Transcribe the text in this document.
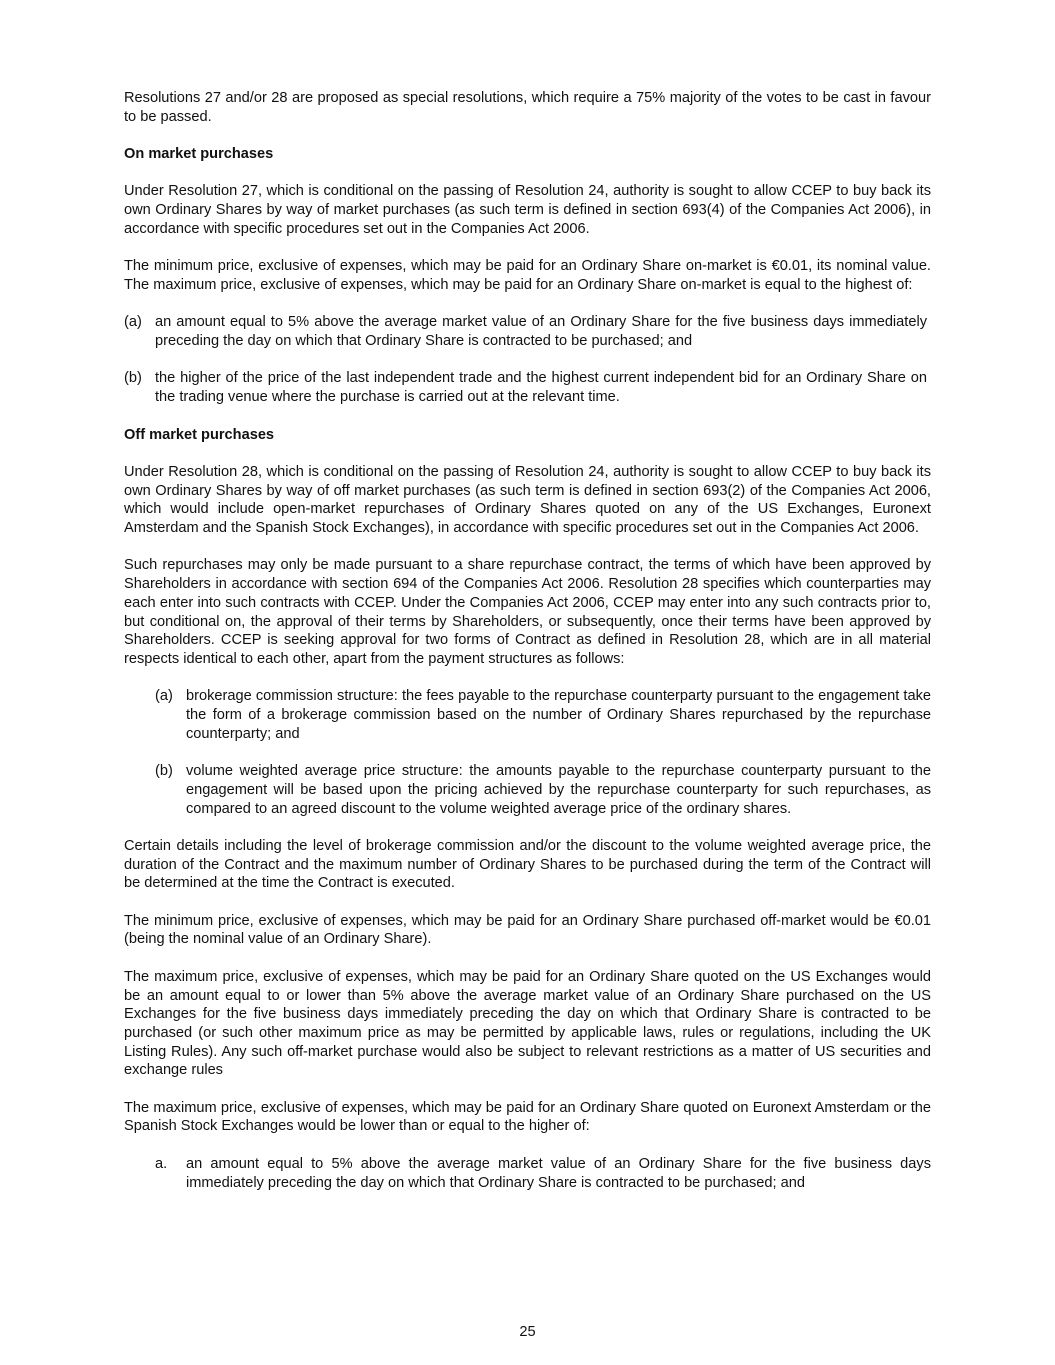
Resolutions 27 and/or 28 are proposed as special resolutions, which require a 75% majority of the votes to be cast in favour to be passed.

On market purchases

Under Resolution 27, which is conditional on the passing of Resolution 24, authority is sought to allow CCEP to buy back its own Ordinary Shares by way of market purchases (as such term is defined in section 693(4) of the Companies Act 2006), in accordance with specific procedures set out in the Companies Act 2006.

The minimum price, exclusive of expenses, which may be paid for an Ordinary Share on-market is €0.01, its nominal value. The maximum price, exclusive of expenses, which may be paid for an Ordinary Share on-market is equal to the highest of:

(a) an amount equal to 5% above the average market value of an Ordinary Share for the five business days immediately preceding the day on which that Ordinary Share is contracted to be purchased; and
(b) the higher of the price of the last independent trade and the highest current independent bid for an Ordinary Share on the trading venue where the purchase is carried out at the relevant time.
Off market purchases

Under Resolution 28, which is conditional on the passing of Resolution 24, authority is sought to allow CCEP to buy back its own Ordinary Shares by way of off market purchases (as such term is defined in section 693(2) of the Companies Act 2006, which would include open-market repurchases of Ordinary Shares quoted on any of the US Exchanges, Euronext Amsterdam and the Spanish Stock Exchanges), in accordance with specific procedures set out in the Companies Act 2006.

Such repurchases may only be made pursuant to a share repurchase contract, the terms of which have been approved by Shareholders in accordance with section 694 of the Companies Act 2006. Resolution 28 specifies which counterparties may each enter into such contracts with CCEP. Under the Companies Act 2006, CCEP may enter into any such contracts prior to, but conditional on, the approval of their terms by Shareholders, or subsequently, once their terms have been approved by Shareholders. CCEP is seeking approval for two forms of Contract as defined in Resolution 28, which are in all material respects identical to each other, apart from the payment structures as follows:

(a) brokerage commission structure: the fees payable to the repurchase counterparty pursuant to the engagement take the form of a brokerage commission based on the number of Ordinary Shares repurchased by the repurchase counterparty; and
(b) volume weighted average price structure: the amounts payable to the repurchase counterparty pursuant to the engagement will be based upon the pricing achieved by the repurchase counterparty for such repurchases, as compared to an agreed discount to the volume weighted average price of the ordinary shares.

Certain details including the level of brokerage commission and/or the discount to the volume weighted average price, the duration of the Contract and the maximum number of Ordinary Shares to be purchased during the term of the Contract will be determined at the time the Contract is executed.

The minimum price, exclusive of expenses, which may be paid for an Ordinary Share purchased off-market would be €0.01 (being the nominal value of an Ordinary Share).

The maximum price, exclusive of expenses, which may be paid for an Ordinary Share quoted on the US Exchanges would be an amount equal to or lower than 5% above the average market value of an Ordinary Share purchased on the US Exchanges for the five business days immediately preceding the day on which that Ordinary Share is contracted to be purchased (or such other maximum price as may be permitted by applicable laws, rules or regulations, including the UK Listing Rules). Any such off-market purchase would also be subject to relevant restrictions as a matter of US securities and exchange rules

The maximum price, exclusive of expenses, which may be paid for an Ordinary Share quoted on Euronext Amsterdam or the Spanish Stock Exchanges would be lower than or equal to the higher of:

a.	an amount equal to 5% above the average market value of an Ordinary Share for the five business days immediately preceding the day on which that Ordinary Share is contracted to be purchased; and
25
